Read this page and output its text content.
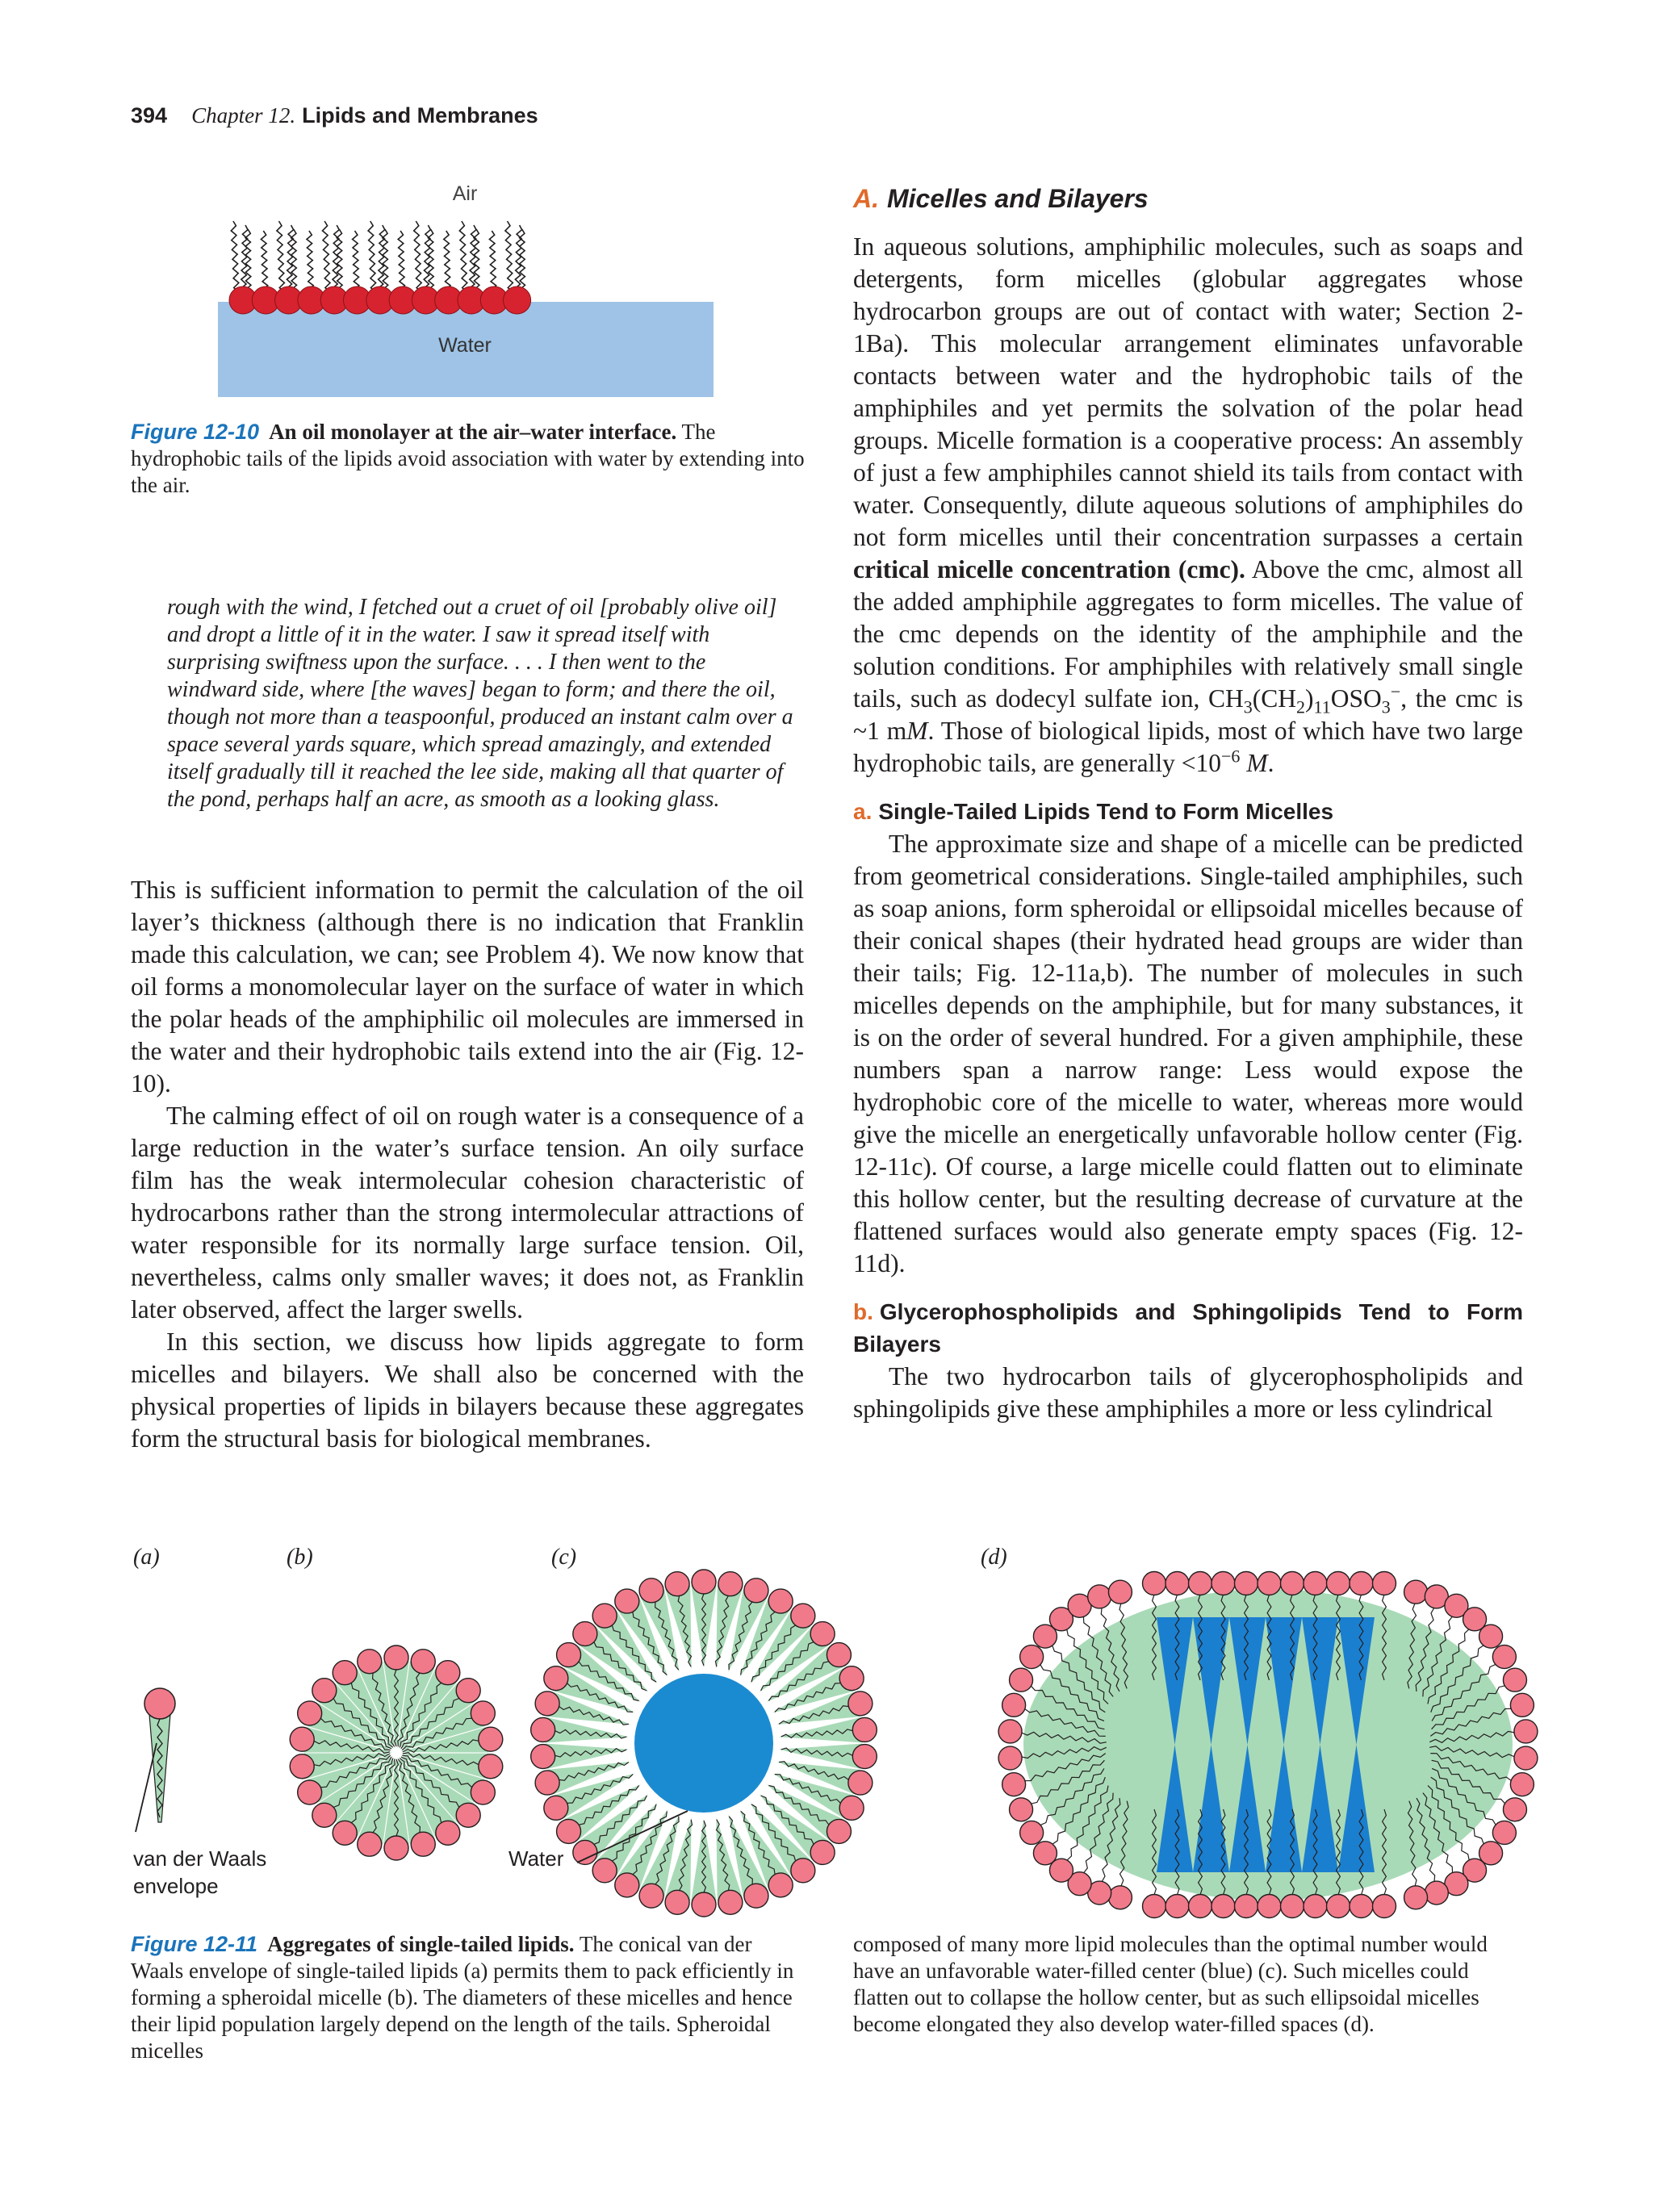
394 Chapter 12. Lipids and Membranes
Air
Water
Figure 12-10 An oil monolayer at the air–water interface. The hydrophobic tails of the lipids avoid association with water by extending into the air.
rough with the wind, I fetched out a cruet of oil [probably olive oil] and dropt a little of it in the water. I saw it spread itself with surprising swiftness upon the surface. . . . I then went to the windward side, where [the waves] began to form; and there the oil, though not more than a teaspoonful, produced an instant calm over a space several yards square, which spread amazingly, and extended itself gradually till it reached the lee side, making all that quarter of the pond, perhaps half an acre, as smooth as a looking glass.

This is sufficient information to permit the calculation of the oil layer’s thickness (although there is no indication that Franklin made this calculation, we can; see Problem 4). We now know that oil forms a monomolecular layer on the surface of water in which the polar heads of the amphiphilic oil molecules are immersed in the water and their hydrophobic tails extend into the air (Fig. 12-10).

The calming effect of oil on rough water is a consequence of a large reduction in the water’s surface tension. An oily surface film has the weak intermolecular cohesion characteristic of hydrocarbons rather than the strong intermolecular attractions of water responsible for its normally large surface tension. Oil, nevertheless, calms only smaller waves; it does not, as Franklin later observed, affect the larger swells.

In this section, we discuss how lipids aggregate to form micelles and bilayers. We shall also be concerned with the physical properties of lipids in bilayers because these aggregates form the structural basis for biological membranes.

A. Micelles and Bilayers

In aqueous solutions, amphiphilic molecules, such as soaps and detergents, form micelles (globular aggregates whose hydrocarbon groups are out of contact with water; Section 2-1Ba). This molecular arrangement eliminates unfavorable contacts between water and the hydrophobic tails of the amphiphiles and yet permits the solvation of the polar head groups. Micelle formation is a cooperative process: An assembly of just a few amphiphiles cannot shield its tails from contact with water. Consequently, dilute aqueous solutions of amphiphiles do not form micelles until their concentration surpasses a certain critical micelle concentration (cmc). Above the cmc, almost all the added amphiphile aggregates to form micelles. The value of the cmc depends on the identity of the amphiphile and the solution conditions. For amphiphiles with relatively small single tails, such as dodecyl sulfate ion, $CH_3(CH_2)_{11}OSO_3^-$, the cmc is ~1 mM. Those of biological lipids, most of which have two large hydrophobic tails, are generally $<10^{-6}$ M.

a. Single-Tailed Lipids Tend to Form Micelles

The approximate size and shape of a micelle can be predicted from geometrical considerations. Single-tailed amphiphiles, such as soap anions, form spheroidal or ellipsoidal micelles because of their conical shapes (their hydrated head groups are wider than their tails; Fig. 12-11a,b). The number of molecules in such micelles depends on the amphiphile, but for many substances, it is on the order of several hundred. For a given amphiphile, these numbers span a narrow range: Less would expose the hydrophobic core of the micelle to water, whereas more would give the micelle an energetically unfavorable hollow center (Fig. 12-11c). Of course, a large micelle could flatten out to eliminate this hollow center, but the resulting decrease of curvature at the flattened surfaces would also generate empty spaces (Fig. 12-11d).

b. Glycerophospholipids and Sphingolipids Tend to Form Bilayers

The two hydrocarbon tails of glycerophospholipids and sphingolipids give these amphiphiles a more or less cylindrical

(a)	(b)	(c)	(d)
van der Waals
envelope
Water
Figure 12-11 Aggregates of single-tailed lipids. The conical van der Waals envelope of single-tailed lipids (a) permits them to pack efficiently in forming a spheroidal micelle (b). The diameters of these micelles and hence their lipid population largely depend on the length of the tails. Spheroidal micelles
composed of many more lipid molecules than the optimal number would have an unfavorable water-filled center (blue) (c). Such micelles could flatten out to collapse the hollow center, but as such ellipsoidal micelles become elongated they also develop water-filled spaces (d).
